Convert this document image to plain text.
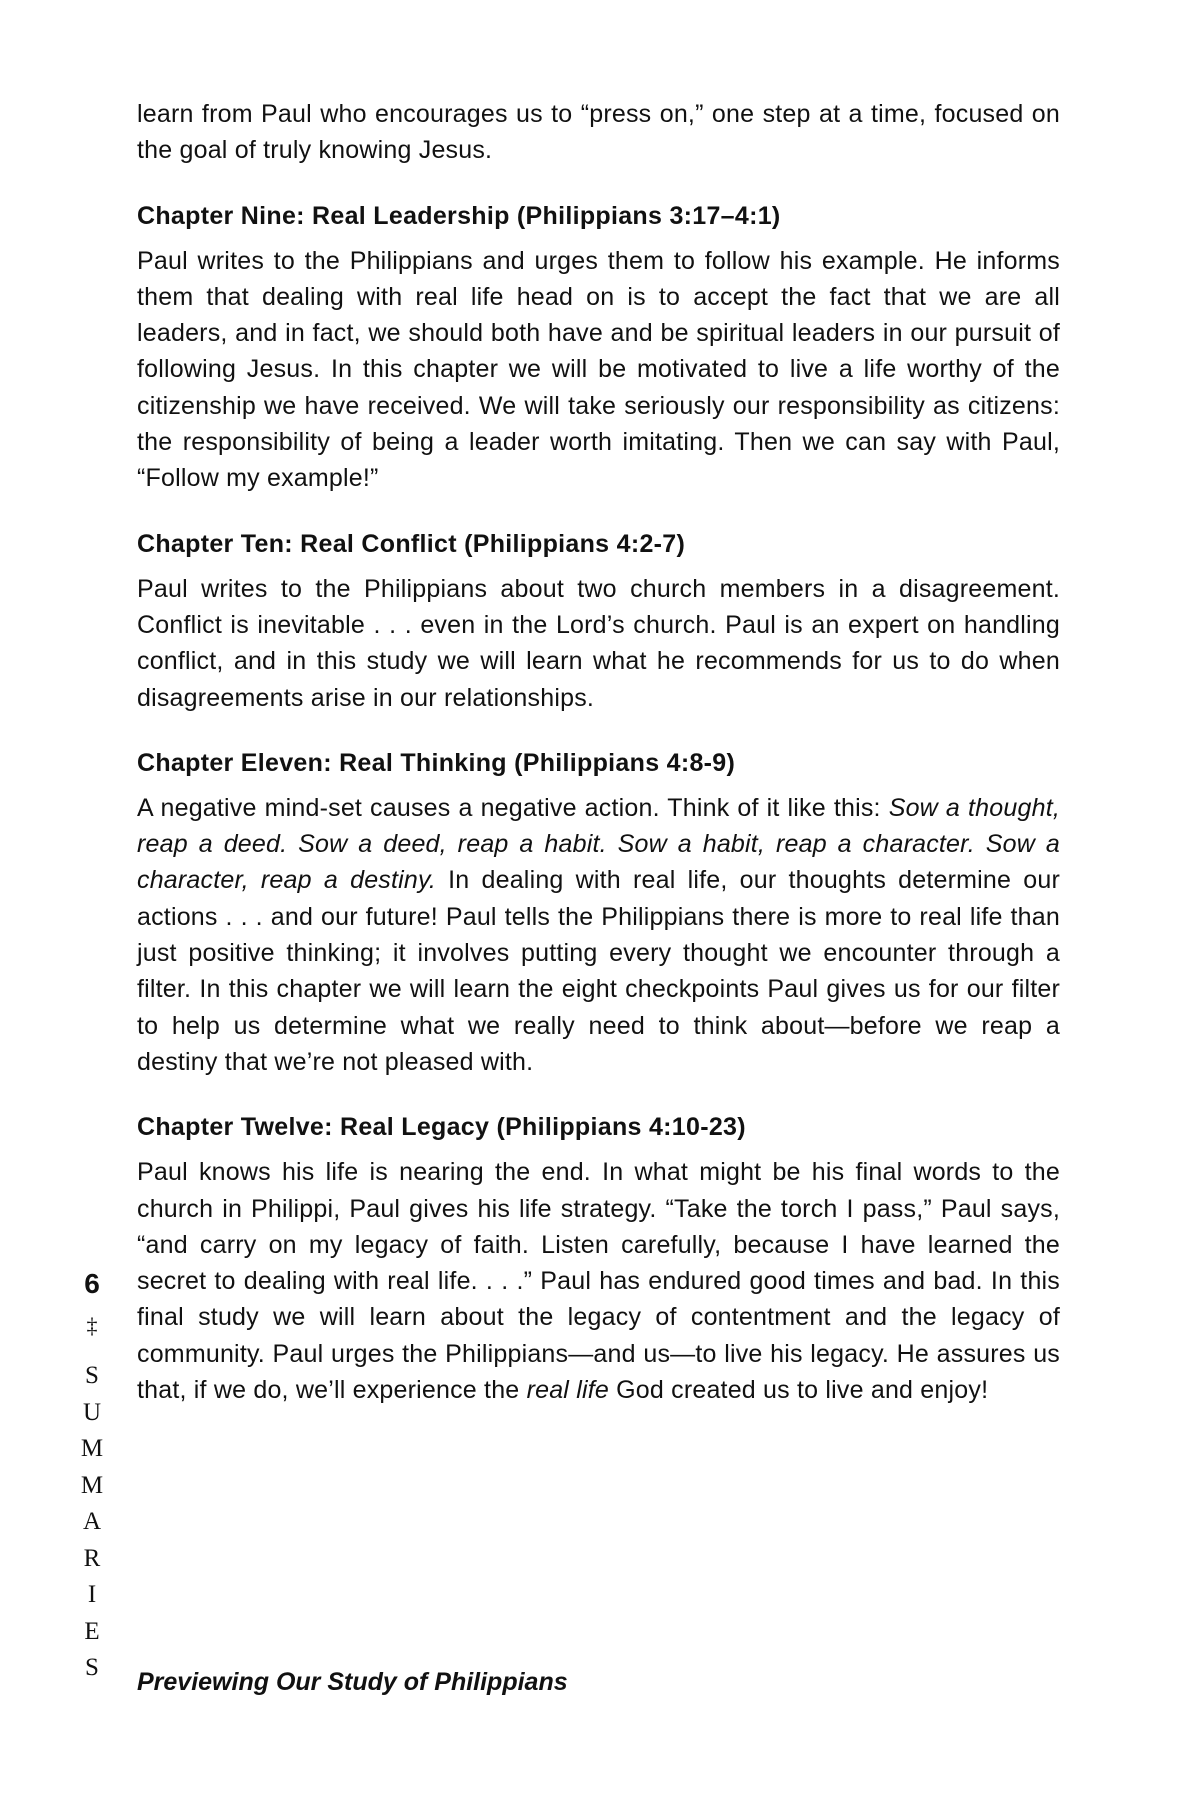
learn from Paul who encourages us to “press on,” one step at a time, focused on the goal of truly knowing Jesus.

Chapter Nine: Real Leadership (Philippians 3:17–4:1)

Paul writes to the Philippians and urges them to follow his example. He informs them that dealing with real life head on is to accept the fact that we are all leaders, and in fact, we should both have and be spiritual leaders in our pursuit of following Jesus. In this chapter we will be motivated to live a life worthy of the citizenship we have received. We will take seriously our responsibility as citizens: the responsibility of being a leader worth imitating. Then we can say with Paul, “Follow my example!”

Chapter Ten: Real Conflict (Philippians 4:2-7)

Paul writes to the Philippians about two church members in a disagreement. Conflict is inevitable . . . even in the Lord’s church. Paul is an expert on handling conflict, and in this study we will learn what he recommends for us to do when disagreements arise in our relationships.

Chapter Eleven: Real Thinking (Philippians 4:8-9)

A negative mind-set causes a negative action. Think of it like this: Sow a thought, reap a deed. Sow a deed, reap a habit. Sow a habit, reap a character. Sow a character, reap a destiny. In dealing with real life, our thoughts determine our actions . . . and our future! Paul tells the Philippians there is more to real life than just positive thinking; it involves putting every thought we encounter through a filter. In this chapter we will learn the eight checkpoints Paul gives us for our filter to help us determine what we really need to think about—before we reap a destiny that we’re not pleased with.

Chapter Twelve: Real Legacy (Philippians 4:10-23)

Paul knows his life is nearing the end. In what might be his final words to the church in Philippi, Paul gives his life strategy. “Take the torch I pass,” Paul says, “and carry on my legacy of faith. Listen carefully, because I have learned the secret to dealing with real life. . . .” Paul has endured good times and bad. In this final study we will learn about the legacy of contentment and the legacy of community. Paul urges the Philippians—and us—to live his legacy. He assures us that, if we do, we’ll experience the real life God created us to live and enjoy!

6
‡
S
U
M
M
A
R
I
E
S
Previewing Our Study of Philippians
